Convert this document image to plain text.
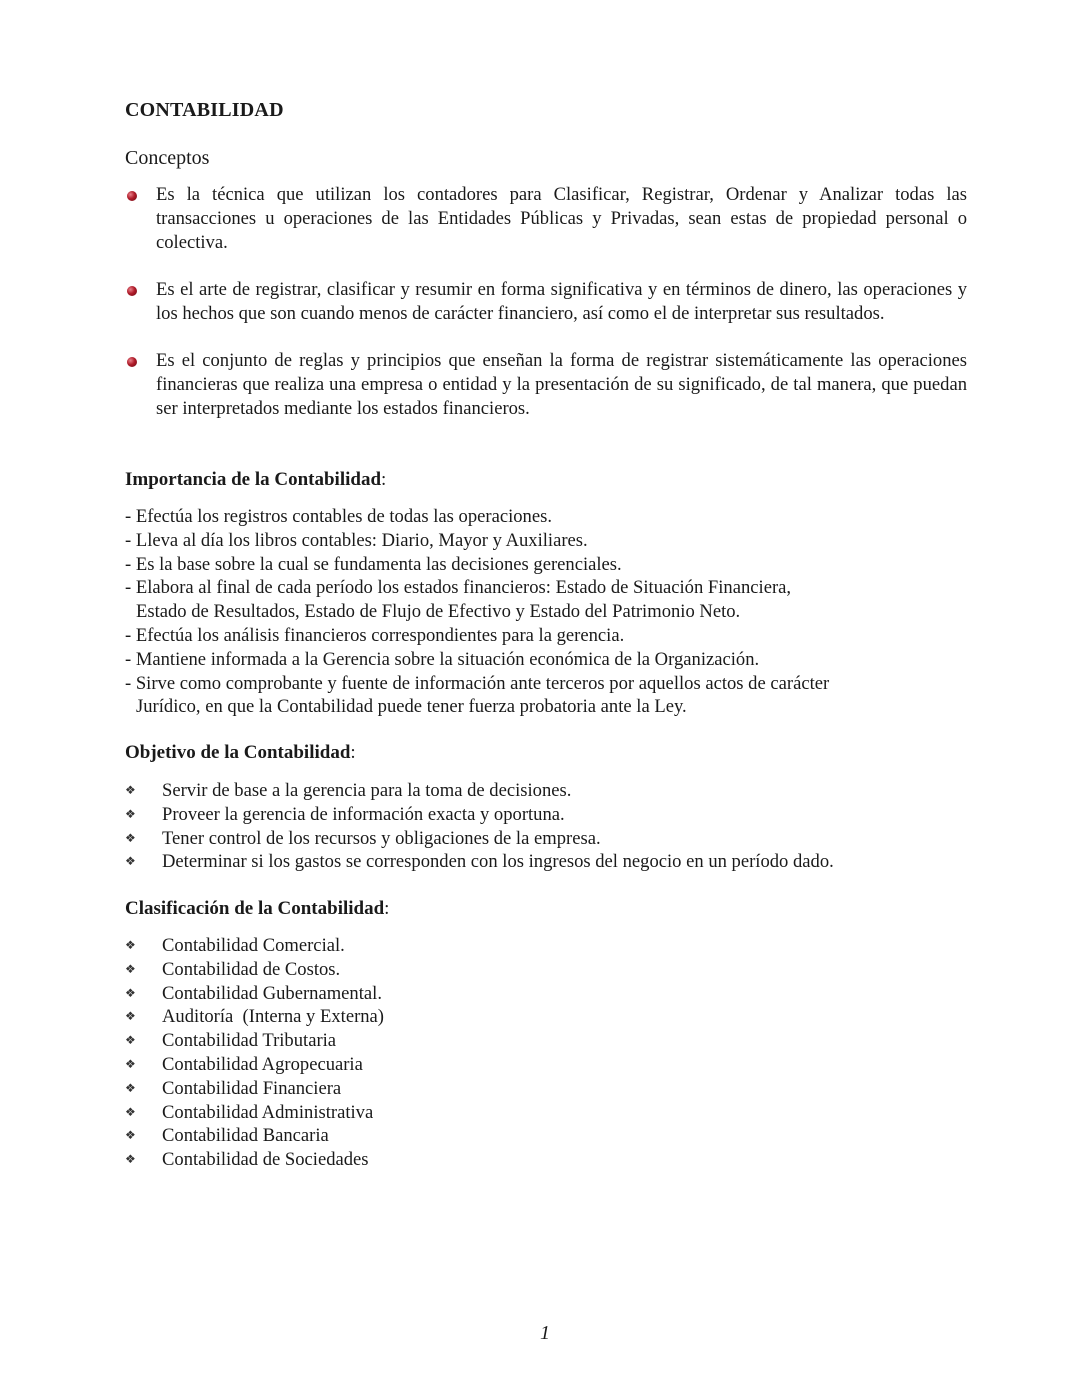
CONTABILIDAD
Conceptos
Es la técnica que utilizan los contadores para Clasificar, Registrar, Ordenar y Analizar todas las transacciones u operaciones de las Entidades Públicas y Privadas, sean estas de propiedad personal o colectiva.
Es el arte de registrar, clasificar y resumir en forma significativa y en términos de dinero, las operaciones y los hechos que son cuando menos de carácter financiero, así como el de interpretar sus resultados.
Es el conjunto de reglas y principios que enseñan la forma de registrar sistemáticamente las operaciones financieras que realiza una empresa o entidad y la presentación de su significado, de tal manera, que puedan ser interpretados mediante los estados financieros.
Importancia de la Contabilidad:
- Efectúa los registros contables de todas las operaciones.
- Lleva al día los libros contables: Diario, Mayor y Auxiliares.
- Es la base sobre la cual se fundamenta las decisiones gerenciales.
- Elabora al final de cada período los estados financieros: Estado de Situación Financiera,
Estado de Resultados, Estado de Flujo de Efectivo y Estado del Patrimonio Neto.
- Efectúa los análisis financieros correspondientes para la gerencia.
- Mantiene informada a la Gerencia sobre la situación económica de la Organización.
- Sirve como comprobante y fuente de información ante terceros por aquellos actos de carácter
Jurídico, en que la Contabilidad puede tener fuerza probatoria ante la Ley.
Objetivo de la Contabilidad:
❖ Servir de base a la gerencia para la toma de decisiones.
❖ Proveer la gerencia de información exacta y oportuna.
❖ Tener control de los recursos y obligaciones de la empresa.
❖ Determinar si los gastos se corresponden con los ingresos del negocio en un período dado.
Clasificación de la Contabilidad:
❖ Contabilidad Comercial.
❖ Contabilidad de Costos.
❖ Contabilidad Gubernamental.
❖ Auditoría  (Interna y Externa)
❖ Contabilidad Tributaria
❖ Contabilidad Agropecuaria
❖ Contabilidad Financiera
❖ Contabilidad Administrativa
❖ Contabilidad Bancaria
❖ Contabilidad de Sociedades
1
